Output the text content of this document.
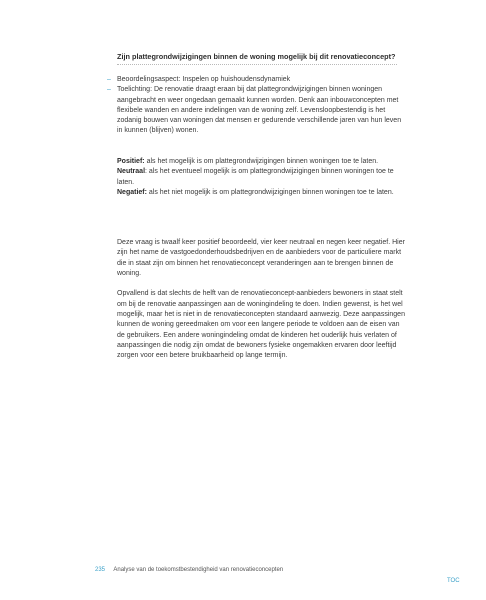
Zijn plattegrondwijzigingen binnen de woning mogelijk bij dit renovatieconcept?
– Beoordelingsaspect: Inspelen op huishoudensdynamiek
– Toelichting: De renovatie draagt eraan bij dat plattegrondwijzigingen binnen woningen aangebracht en weer ongedaan gemaakt kunnen worden. Denk aan inbouwconcepten met flexibele wanden en andere indelingen van de woning zelf. Levensloopbestendig is het zodanig bouwen van woningen dat mensen er gedurende verschillende jaren van hun leven in kunnen (blijven) wonen.

Positief: als het mogelijk is om plattegrondwijzigingen binnen woningen toe te laten.

Neutraal: als het eventueel mogelijk is om plattegrondwijzigingen binnen woningen toe te laten.

Negatief: als het niet mogelijk is om plattegrondwijzigingen binnen woningen toe te laten.

Deze vraag is twaalf keer positief beoordeeld, vier keer neutraal en negen keer negatief. Hier zijn het name de vastgoedonderhoudsbedrijven en de aanbieders voor de particuliere markt die in staat zijn om binnen het renovatieconcept veranderingen aan te brengen binnen de woning.

Opvallend is dat slechts de helft van de renovatieconcept-aanbieders bewoners in staat stelt om bij de renovatie aanpassingen aan de woningindeling te doen. Indien gewenst, is het wel mogelijk, maar het is niet in de renovatieconcepten standaard aanwezig. Deze aanpassingen kunnen de woning gereedmaken om voor een langere periode te voldoen aan de eisen van de gebruikers. Een andere woningindeling omdat de kinderen het ouderlijk huis verlaten of aanpassingen die nodig zijn omdat de bewoners fysieke ongemakken ervaren door leeftijd zorgen voor een betere bruikbaarheid op lange termijn.

235 Analyse van de toekomstbestendigheid van renovatieconcepten
TOC
